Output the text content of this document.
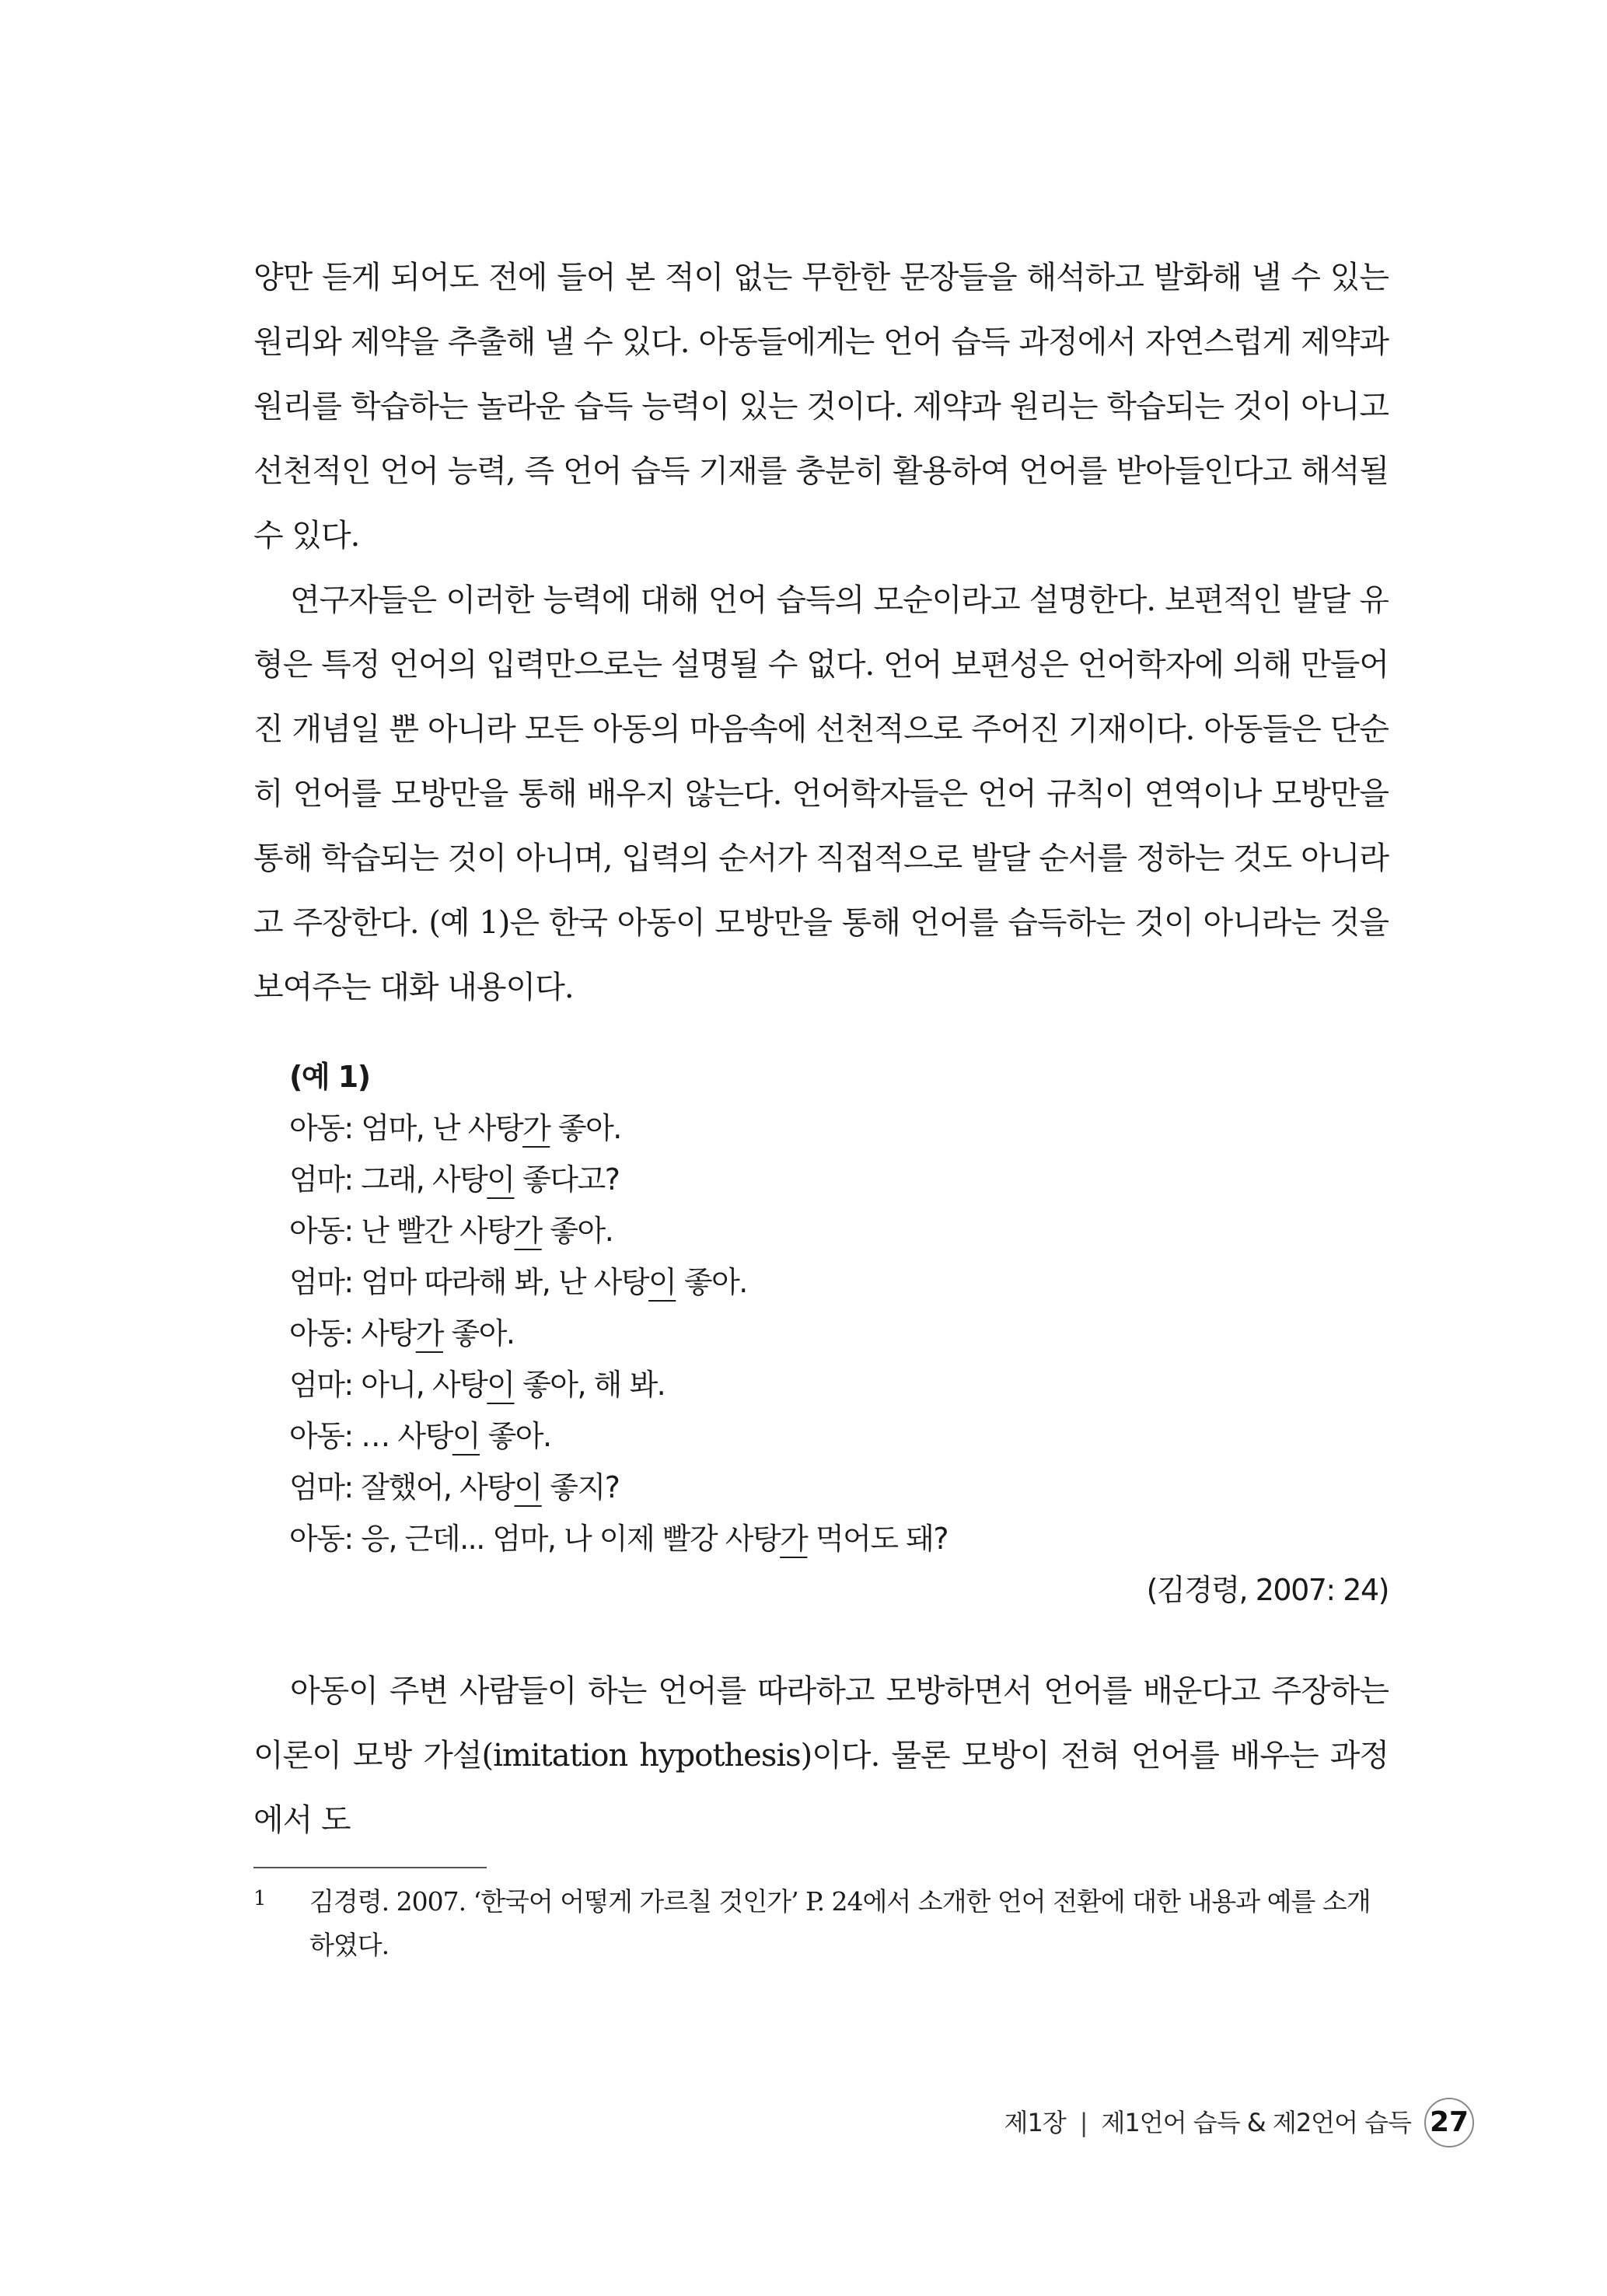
양만 듣게 되어도 전에 들어 본 적이 없는 무한한 문장들을 해석하고 발화해 낼 수 있는 원리와 제약을 추출해 낼 수 있다. 아동들에게는 언어 습득 과정에서 자연스럽게 제약과 원리를 학습하는 놀라운 습득 능력이 있는 것이다. 제약과 원리는 학습되는 것이 아니고 선천적인 언어 능력, 즉 언어 습득 기재를 충분히 활용하여 언어를 받아들인다고 해석될 수 있다.

연구자들은 이러한 능력에 대해 언어 습득의 모순이라고 설명한다. 보편적인 발달 유형은 특정 언어의 입력만으로는 설명될 수 없다. 언어 보편성은 언어학자에 의해 만들어진 개념일 뿐 아니라 모든 아동의 마음속에 선천적으로 주어진 기재이다. 아동들은 단순히 언어를 모방만을 통해 배우지 않는다. 언어학자들은 언어 규칙이 연역이나 모방만을 통해 학습되는 것이 아니며, 입력의 순서가 직접적으로 발달 순서를 정하는 것도 아니라고 주장한다. (예 1)은 한국 아동이 모방만을 통해 언어를 습득하는 것이 아니라는 것을 보여주는 대화 내용이다.

(예 1)

아동: 엄마, 난 사탕가 좋아.

엄마: 그래, 사탕이 좋다고?

아동: 난 빨간 사탕가 좋아.

엄마: 엄마 따라해 봐, 난 사탕이 좋아.

아동: 사탕가 좋아.

엄마: 아니, 사탕이 좋아, 해 봐.

아동: … 사탕이 좋아.

엄마: 잘했어, 사탕이 좋지?

아동: 응, 근데... 엄마, 나 이제 빨강 사탕가 먹어도 돼?

(김경령, 2007: 24)

아동이 주변 사람들이 하는 언어를 따라하고 모방하면서 언어를 배운다고 주장하는 이론이 모방 가설(imitation hypothesis)이다. 물론 모방이 전혀 언어를 배우는 과정에서 도

1 김경령. 2007. ‘한국어 어떻게 가르칠 것인가’ P. 24에서 소개한 언어 전환에 대한 내용과 예를 소개하였다.
제1장 | 제1언어 습득 & 제2언어 습득 27
